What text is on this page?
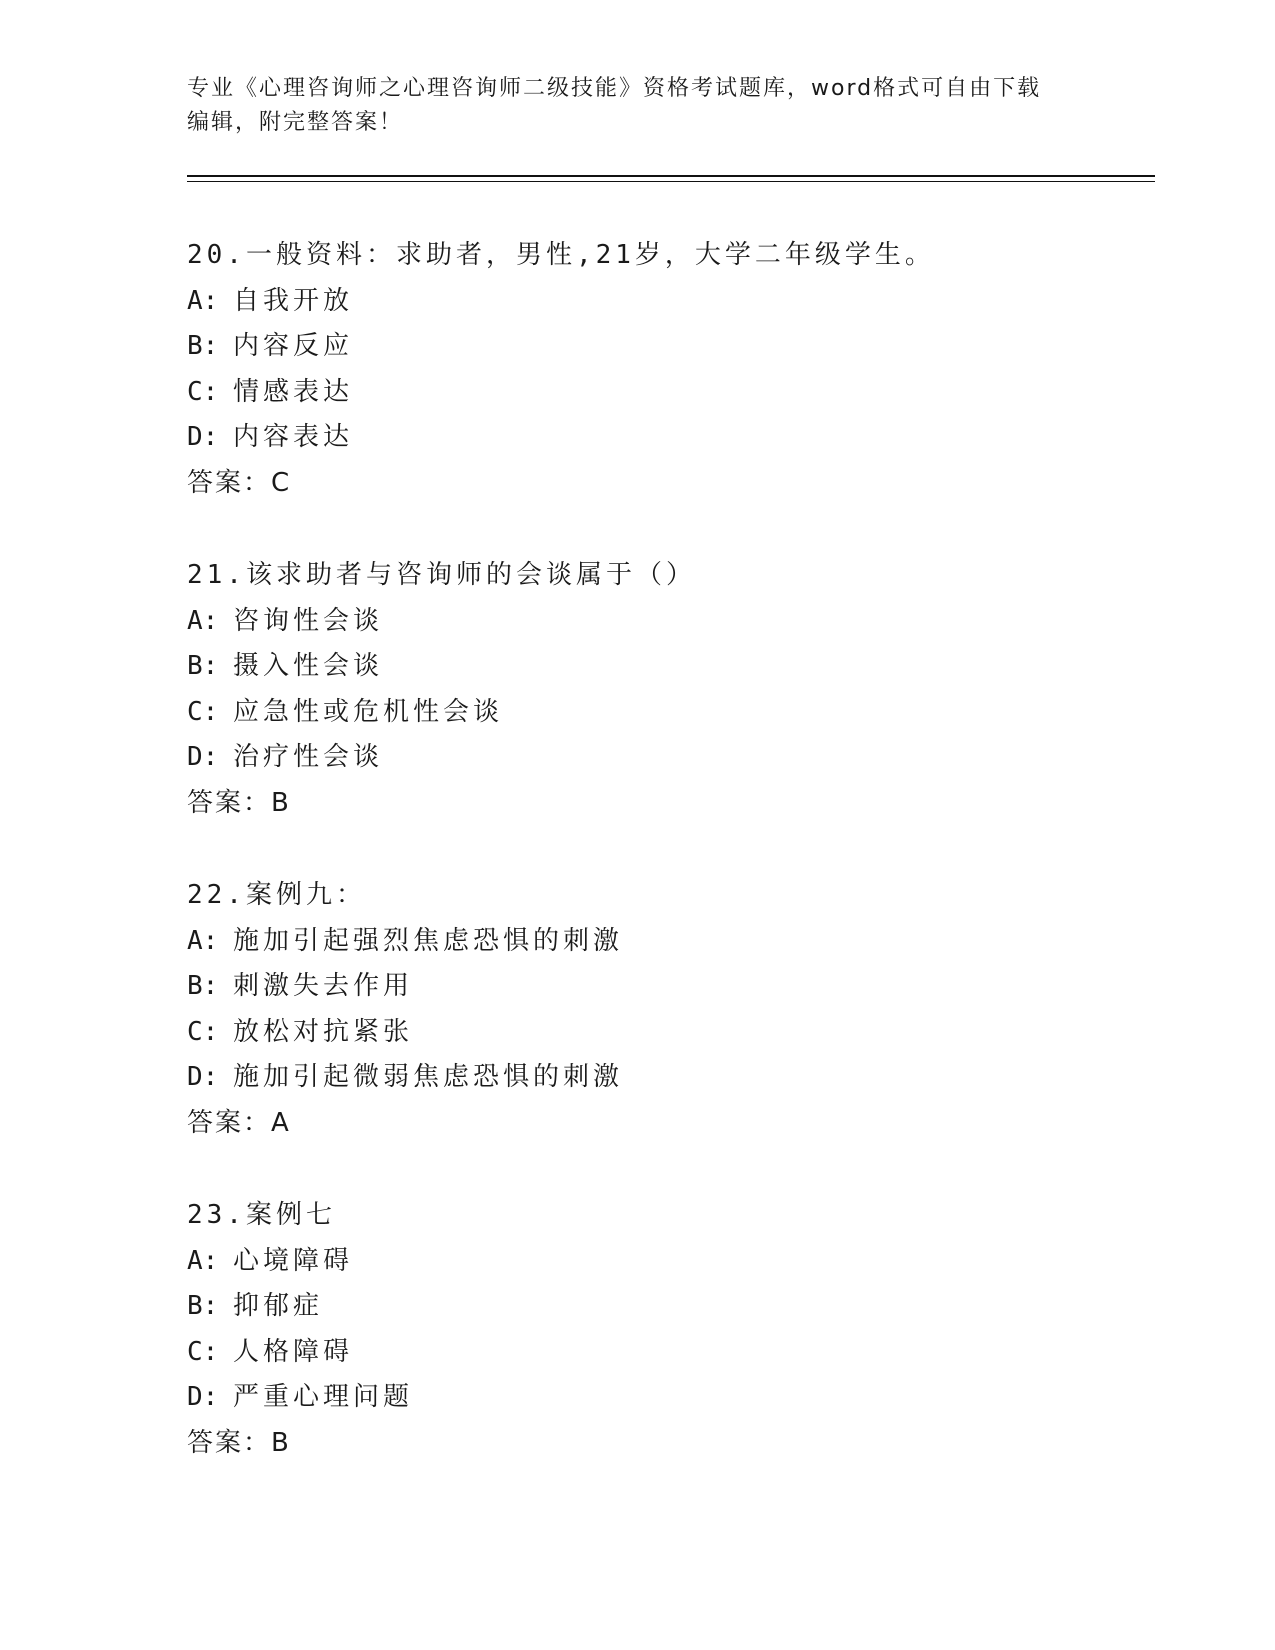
专业《心理咨询师之心理咨询师二级技能》资格考试题库，word格式可自由下载
编辑，附完整答案！
20.一般资料：求助者，男性,21岁，大学二年级学生。
A: 自我开放
B: 内容反应
C: 情感表达
D: 内容表达
答案：C
21.该求助者与咨询师的会谈属于（）
A: 咨询性会谈
B: 摄入性会谈
C: 应急性或危机性会谈
D: 治疗性会谈
答案：B
22.案例九：
A: 施加引起强烈焦虑恐惧的刺激
B: 刺激失去作用
C: 放松对抗紧张
D: 施加引起微弱焦虑恐惧的刺激
答案：A
23.案例七
A: 心境障碍
B: 抑郁症
C: 人格障碍
D: 严重心理问题
答案：B
